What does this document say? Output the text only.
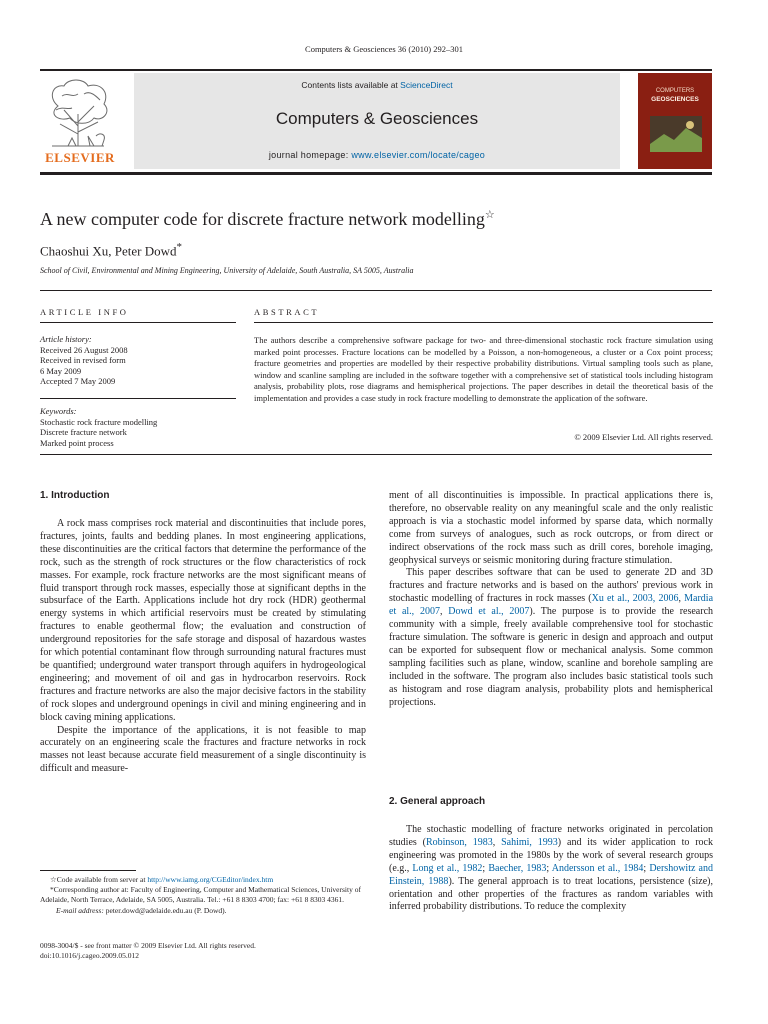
Computers & Geosciences 36 (2010) 292–301
ELSEVIER
Contents lists available at ScienceDirect
Computers & Geosciences
journal homepage: www.elsevier.com/locate/cageo
COMPUTERS
GEOSCIENCES
A new computer code for discrete fracture network modelling☆
Chaoshui Xu, Peter Dowd*
School of Civil, Environmental and Mining Engineering, University of Adelaide, South Australia, SA 5005, Australia
ARTICLE INFO
Article history:
Received 26 August 2008
Received in revised form
6 May 2009
Accepted 7 May 2009
Keywords:
Stochastic rock fracture modelling
Discrete fracture network
Marked point process
ABSTRACT
The authors describe a comprehensive software package for two- and three-dimensional stochastic rock fracture simulation using marked point processes. Fracture locations can be modelled by a Poisson, a non-homogeneous, a cluster or a Cox point process; fracture geometries and properties are modelled by their respective probability distributions. Virtual sampling tools such as plane, window and scanline sampling are included in the software together with a comprehensive set of statistical tools including histogram analysis, probability plots, rose diagrams and hemispherical projections. The paper describes in detail the theoretical basis of the implementation and provides a case study in rock fracture modelling to demonstrate the application of the software.
© 2009 Elsevier Ltd. All rights reserved.
1. Introduction

A rock mass comprises rock material and discontinuities that include pores, fractures, joints, faults and bedding planes. In most engineering applications, these discontinuities are the critical factors that determine the performance of the rock, such as the strength of rock structures or the flow characteristics of rock masses. For example, rock fracture networks are the most significant means of fluid transport through rock masses, especially those at significant depths in the subsurface of the Earth. Applications include hot dry rock (HDR) geothermal energy systems in which artificial reservoirs must be created by stimulating fractures to enable geothermal flow; the evaluation and construction of underground repositories for the safe storage and disposal of hazardous wastes for which potential contaminant flow through surrounding natural fractures must be quantified; underground water transport through aquifers in hydrogeological engineering; and movement of oil and gas in hydrocarbon reservoirs. Rock fractures and fracture networks are also the major decisive factors in the stability of rock slopes and underground openings in civil and mining engineering and in block caving mining applications.

Despite the importance of the applications, it is not feasible to map accurately on an engineering scale the fractures and fracture networks in rock masses not least because accurate field measurement of a single discontinuity is difficult and measure-

ment of all discontinuities is impossible. In practical applications there is, therefore, no observable reality on any meaningful scale and the only realistic approach is via a stochastic model informed by sparse data, which normally come from surveys of analogues, such as rock outcrops, or from direct or indirect observations of the rock mass such as drill cores, borehole imaging, geophysical surveys or seismic monitoring during fracture stimulation.

This paper describes software that can be used to generate 2D and 3D fractures and fracture networks and is based on the authors' previous work in stochastic modelling of fractures in rock masses (Xu et al., 2003, 2006, Mardia et al., 2007, Dowd et al., 2007). The purpose is to provide the research community with a simple, freely available comprehensive tool for stochastic fracture simulation. The software is generic in design and approach and output can be exported for subsequent flow or mechanical analysis. Some common sampling facilities such as plane, window, scanline and borehole sampling are included in the software. The program also includes basic statistical tools such as histogram and rose diagram analysis, probability plots and hemispherical projections.

2. General approach

The stochastic modelling of fracture networks originated in percolation studies (Robinson, 1983, Sahimi, 1993) and its wider application to rock engineering was promoted in the 1980s by the work of several research groups (e.g., Long et al., 1982; Baecher, 1983; Andersson et al., 1984; Dershowitz and Einstein, 1988). The general approach is to treat locations, persistence (size), orientation and other properties of the fractures as random variables with inferred probability distributions. To reduce the complexity

☆Code available from server at http://www.iamg.org/CGEditor/index.htm
*Corresponding author at: Faculty of Engineering, Computer and Mathematical Sciences, University of Adelaide, North Terrace, Adelaide, SA 5005, Australia. Tel.: +61 8 8303 4700; fax: +61 8 8303 4361.
E-mail address: peter.dowd@adelaide.edu.au (P. Dowd).
0098-3004/$ - see front matter © 2009 Elsevier Ltd. All rights reserved.
doi:10.1016/j.cageo.2009.05.012
